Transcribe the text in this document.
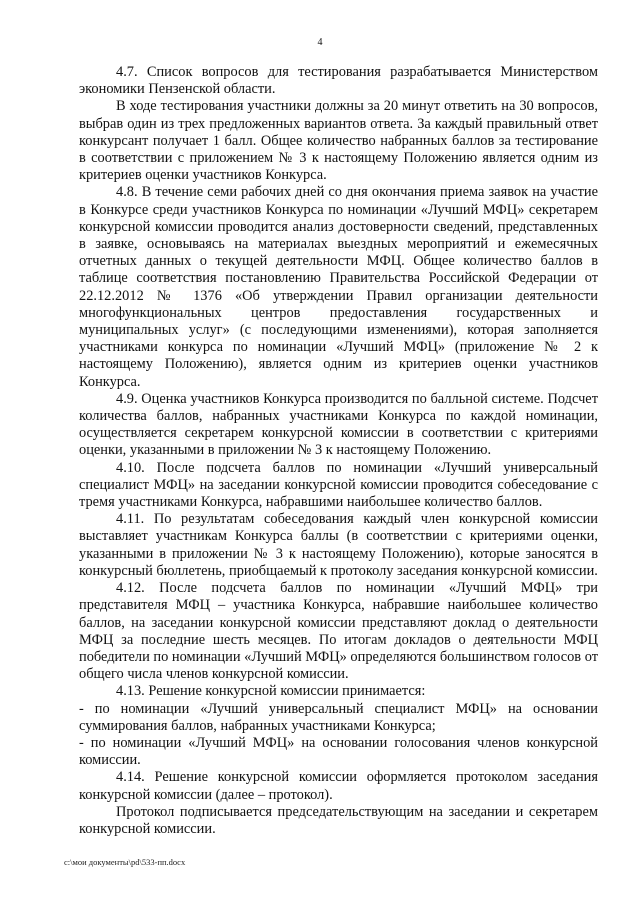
4

4.7. Список вопросов для тестирования разрабатывается Министерством экономики Пензенской области.

В ходе тестирования участники должны за 20 минут ответить на 30 вопросов, выбрав один из трех предложенных вариантов ответа. За каждый правильный ответ конкурсант получает 1 балл. Общее количество набранных баллов за тестирование в соответствии с приложением № 3 к настоящему Положению является одним из критериев оценки участников Конкурса.

4.8. В течение семи рабочих дней со дня окончания приема заявок на участие в Конкурсе среди участников Конкурса по номинации «Лучший МФЦ» секретарем конкурсной комиссии проводится анализ достоверности сведений, представленных в заявке, основываясь на материалах выездных мероприятий и ежемесячных отчетных данных о текущей деятельности МФЦ. Общее количество баллов в таблице соответствия постановлению Правительства Российской Федерации от 22.12.2012 № 1376 «Об утверждении Правил организации деятельности многофункциональных центров предоставления государственных и муниципальных услуг» (с последующими изменениями), которая заполняется участниками конкурса по номинации «Лучший МФЦ» (приложение № 2 к настоящему Положению), является одним из критериев оценки участников Конкурса.

4.9. Оценка участников Конкурса производится по балльной системе. Подсчет количества баллов, набранных участниками Конкурса по каждой номинации, осуществляется секретарем конкурсной комиссии в соответствии с критериями оценки, указанными в приложении № 3 к настоящему Положению.

4.10. После подсчета баллов по номинации «Лучший универсальный специалист МФЦ» на заседании конкурсной комиссии проводится собеседование с тремя участниками Конкурса, набравшими наибольшее количество баллов.

4.11. По результатам собеседования каждый член конкурсной комиссии выставляет участникам Конкурса баллы (в соответствии с критериями оценки, указанными в приложении № 3 к настоящему Положению), которые заносятся в конкурсный бюллетень, приобщаемый к протоколу заседания конкурсной комиссии.

4.12. После подсчета баллов по номинации «Лучший МФЦ» три представителя МФЦ – участника Конкурса, набравшие наибольшее количество баллов, на заседании конкурсной комиссии представляют доклад о деятельности МФЦ за последние шесть месяцев. По итогам докладов о деятельности МФЦ победители по номинации «Лучший МФЦ» определяются большинством голосов от общего числа членов конкурсной комиссии.

4.13. Решение конкурсной комиссии принимается:

- по номинации «Лучший универсальный специалист МФЦ» на основании суммирования баллов, набранных участниками Конкурса;

- по номинации «Лучший МФЦ» на основании голосования членов конкурсной комиссии.

4.14. Решение конкурсной комиссии оформляется протоколом заседания конкурсной комиссии (далее – протокол).

Протокол подписывается председательствующим на заседании и секретарем конкурсной комиссии.

c:\мои документы\pd\533-пп.docx
